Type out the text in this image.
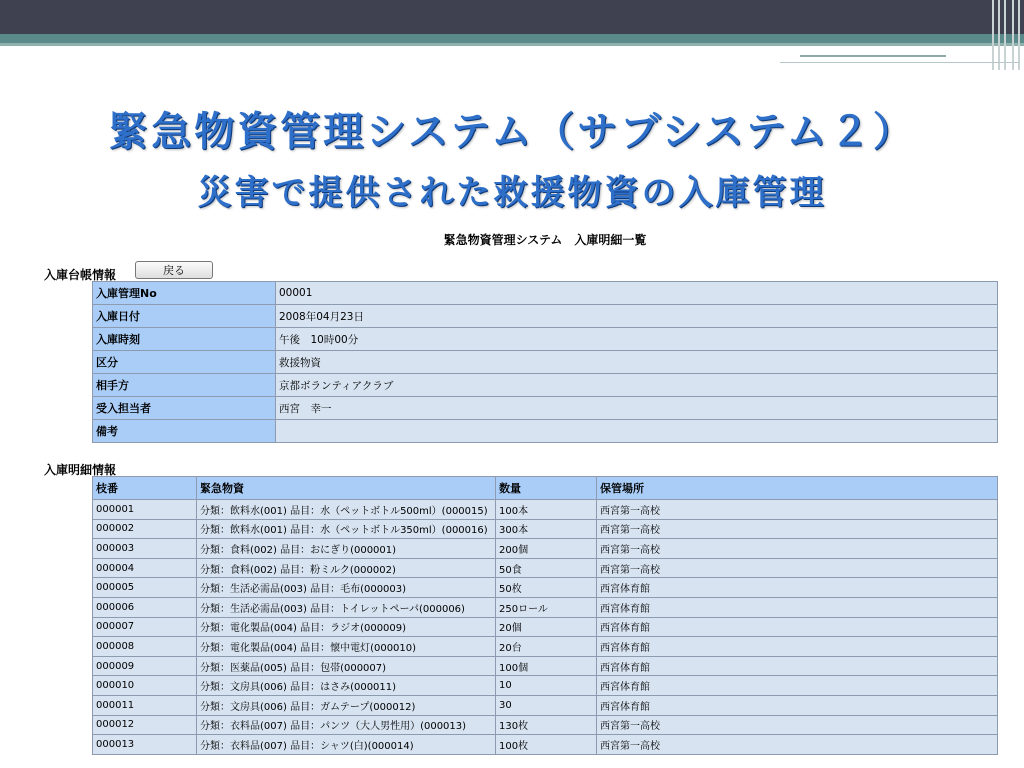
緊急物資管理システム（サブシステム２）
災害で提供された救援物資の入庫管理
緊急物資管理システム　入庫明細一覧
入庫台帳情報	戻る
入庫管理No	00001
入庫日付	2008年04月23日
入庫時刻	午後　10時00分
区分	救援物資
相手方	京都ボランティアクラブ
受入担当者	西宮　幸一
備考	
入庫明細情報
枝番	緊急物資	数量	保管場所
000001	分類：飲料水(001) 品目：水（ペットボトル500ml）(000015)	100本	西宮第一高校
000002	分類：飲料水(001) 品目：水（ペットボトル350ml）(000016)	300本	西宮第一高校
000003	分類：食料(002) 品目：おにぎり(000001)	200個	西宮第一高校
000004	分類：食料(002) 品目：粉ミルク(000002)	50食	西宮第一高校
000005	分類：生活必需品(003) 品目：毛布(000003)	50枚	西宮体育館
000006	分類：生活必需品(003) 品目：トイレットペーパ(000006)	250ロール	西宮体育館
000007	分類：電化製品(004) 品目：ラジオ(000009)	20個	西宮体育館
000008	分類：電化製品(004) 品目：懐中電灯(000010)	20台	西宮体育館
000009	分類：医薬品(005) 品目：包帯(000007)	100個	西宮体育館
000010	分類：文房具(006) 品目：はさみ(000011)	10	西宮体育館
000011	分類：文房具(006) 品目：ガムテープ(000012)	30	西宮体育館
000012	分類：衣料品(007) 品目：パンツ（大人男性用）(000013)	130枚	西宮第一高校
000013	分類：衣料品(007) 品目：シャツ(白)(000014)	100枚	西宮第一高校
